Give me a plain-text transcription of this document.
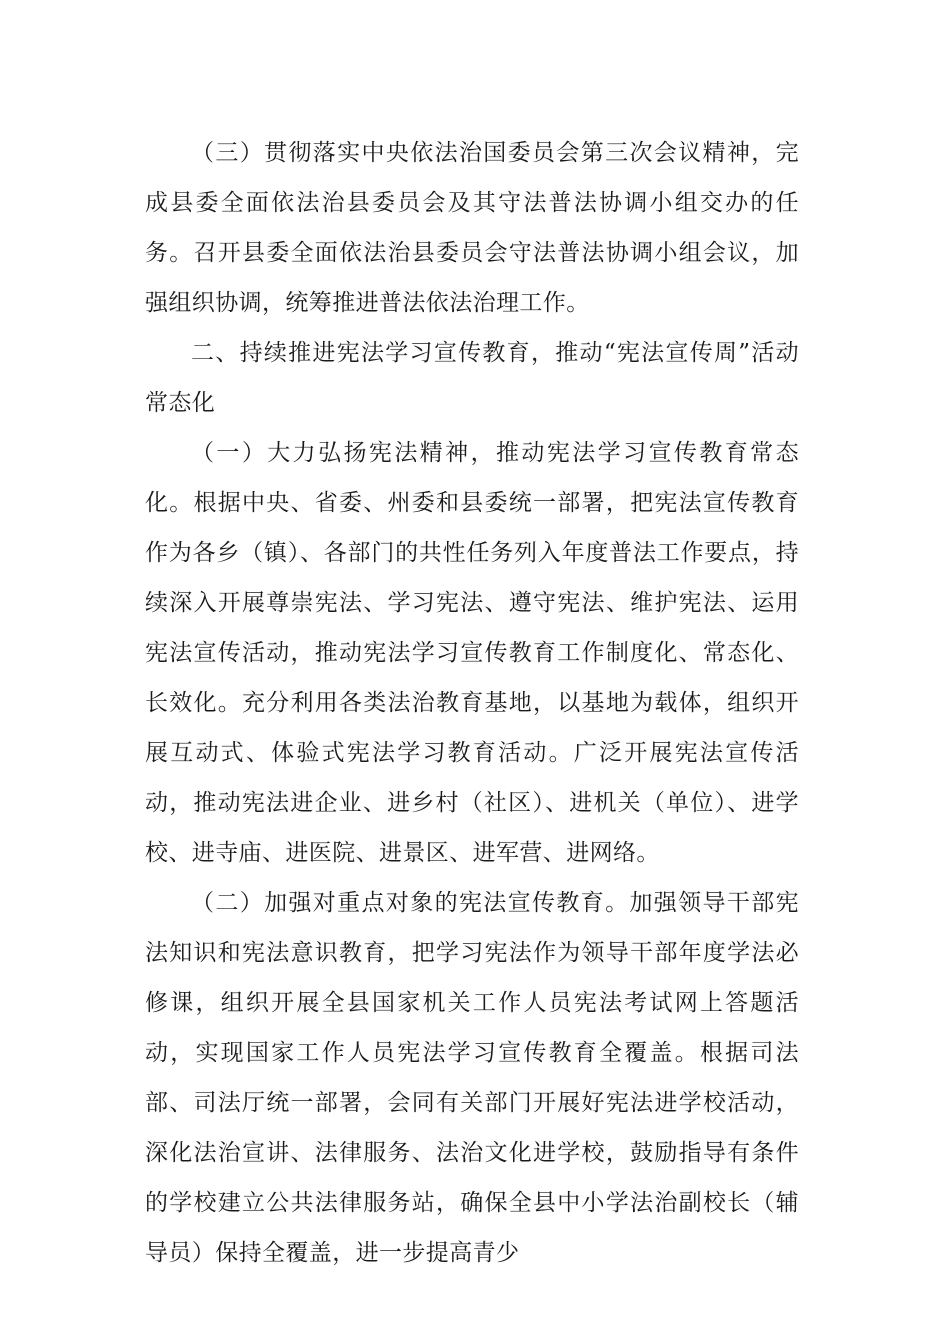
（三）贯彻落实中央依法治国委员会第三次会议精神，完成县委全面依法治县委员会及其守法普法协调小组交办的任务。召开县委全面依法治县委员会守法普法协调小组会议，加强组织协调，统筹推进普法依法治理工作。

二、持续推进宪法学习宣传教育，推动“宪法宣传周”活动常态化

（一）大力弘扬宪法精神，推动宪法学习宣传教育常态化。根据中央、省委、州委和县委统一部署，把宪法宣传教育作为各乡（镇）、各部门的共性任务列入年度普法工作要点，持续深入开展尊崇宪法、学习宪法、遵守宪法、维护宪法、运用宪法宣传活动，推动宪法学习宣传教育工作制度化、常态化、长效化。充分利用各类法治教育基地，以基地为载体，组织开展互动式、体验式宪法学习教育活动。广泛开展宪法宣传活动，推动宪法进企业、进乡村（社区）、进机关（单位）、进学校、进寺庙、进医院、进景区、进军营、进网络。

（二）加强对重点对象的宪法宣传教育。加强领导干部宪法知识和宪法意识教育，把学习宪法作为领导干部年度学法必修课，组织开展全县国家机关工作人员宪法考试网上答题活动，实现国家工作人员宪法学习宣传教育全覆盖。根据司法部、司法厅统一部署，会同有关部门开展好宪法进学校活动，深化法治宣讲、法律服务、法治文化进学校，鼓励指导有条件的学校建立公共法律服务站，确保全县中小学法治副校长（辅导员）保持全覆盖，进一步提高青少
